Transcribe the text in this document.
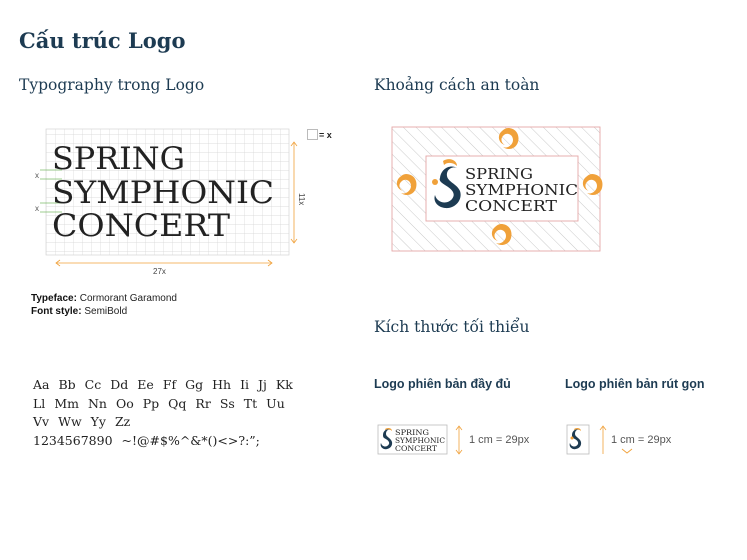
Cấu trúc Logo
Typography trong Logo	Khoảng cách an toàn
Kích thước tối thiểu
x
x
SPRING
SYMPHONIC
CONCERT
11x
27x
= x
Typeface: Cormorant Garamond
Font style: SemiBold
Aa Bb Cc Dd Ee Ff Gg Hh Ii Jj Kk
Ll Mm Nn Oo Pp Qq Rr Ss Tt Uu
Vv Ww Yy Zz
1234567890 ~!@#$%^&*()<>?:”;
SPRING
SYMPHONIC
CONCERT
Logo phiên bản đầy đủ	Logo phiên bản rút gọn
SPRING
SYMPHONIC
CONCERT
1 cm = 29px	1 cm = 29px
